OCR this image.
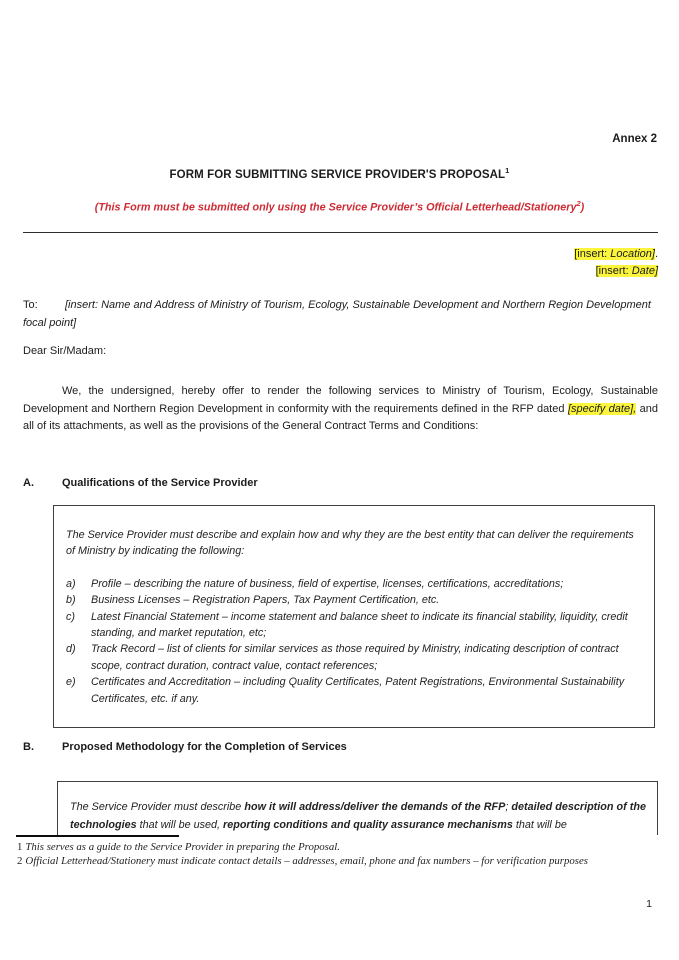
Annex 2
FORM FOR SUBMITTING SERVICE PROVIDER'S PROPOSAL$^1$
(This Form must be submitted only using the Service Provider’s Official Letterhead/Stationery$^2$)
[insert: Location].
[insert: Date]

To: [insert: Name and Address of Ministry of Tourism, Ecology, Sustainable Development and Northern Region Development focal point]

Dear Sir/Madam:

We, the undersigned, hereby offer to render the following services to Ministry of Tourism, Ecology, Sustainable Development and Northern Region Development in conformity with the requirements defined in the RFP dated [specify date], and all of its attachments, as well as the provisions of the General Contract Terms and Conditions:

A.	Qualifications of the Service Provider

The Service Provider must describe and explain how and why they are the best entity that can deliver the requirements of Ministry by indicating the following:

a)	Profile – describing the nature of business, field of expertise, licenses, certifications, accreditations;
b)	Business Licenses – Registration Papers, Tax Payment Certification, etc.
c)	Latest Financial Statement – income statement and balance sheet to indicate its financial stability, liquidity, credit standing, and market reputation, etc;
d)	Track Record – list of clients for similar services as those required by Ministry, indicating description of contract scope, contract duration, contract value, contact references;
e)	Certificates and Accreditation – including Quality Certificates, Patent Registrations, Environmental Sustainability Certificates, etc. if any.
B.	Proposed Methodology for the Completion of Services
The Service Provider must describe how it will address/deliver the demands of the RFP; detailed description of the technologies that will be used, reporting conditions and quality assurance mechanisms that will be

1 This serves as a guide to the Service Provider in preparing the Proposal.

2 Official Letterhead/Stationery must indicate contact details – addresses, email, phone and fax numbers – for verification purposes

1
